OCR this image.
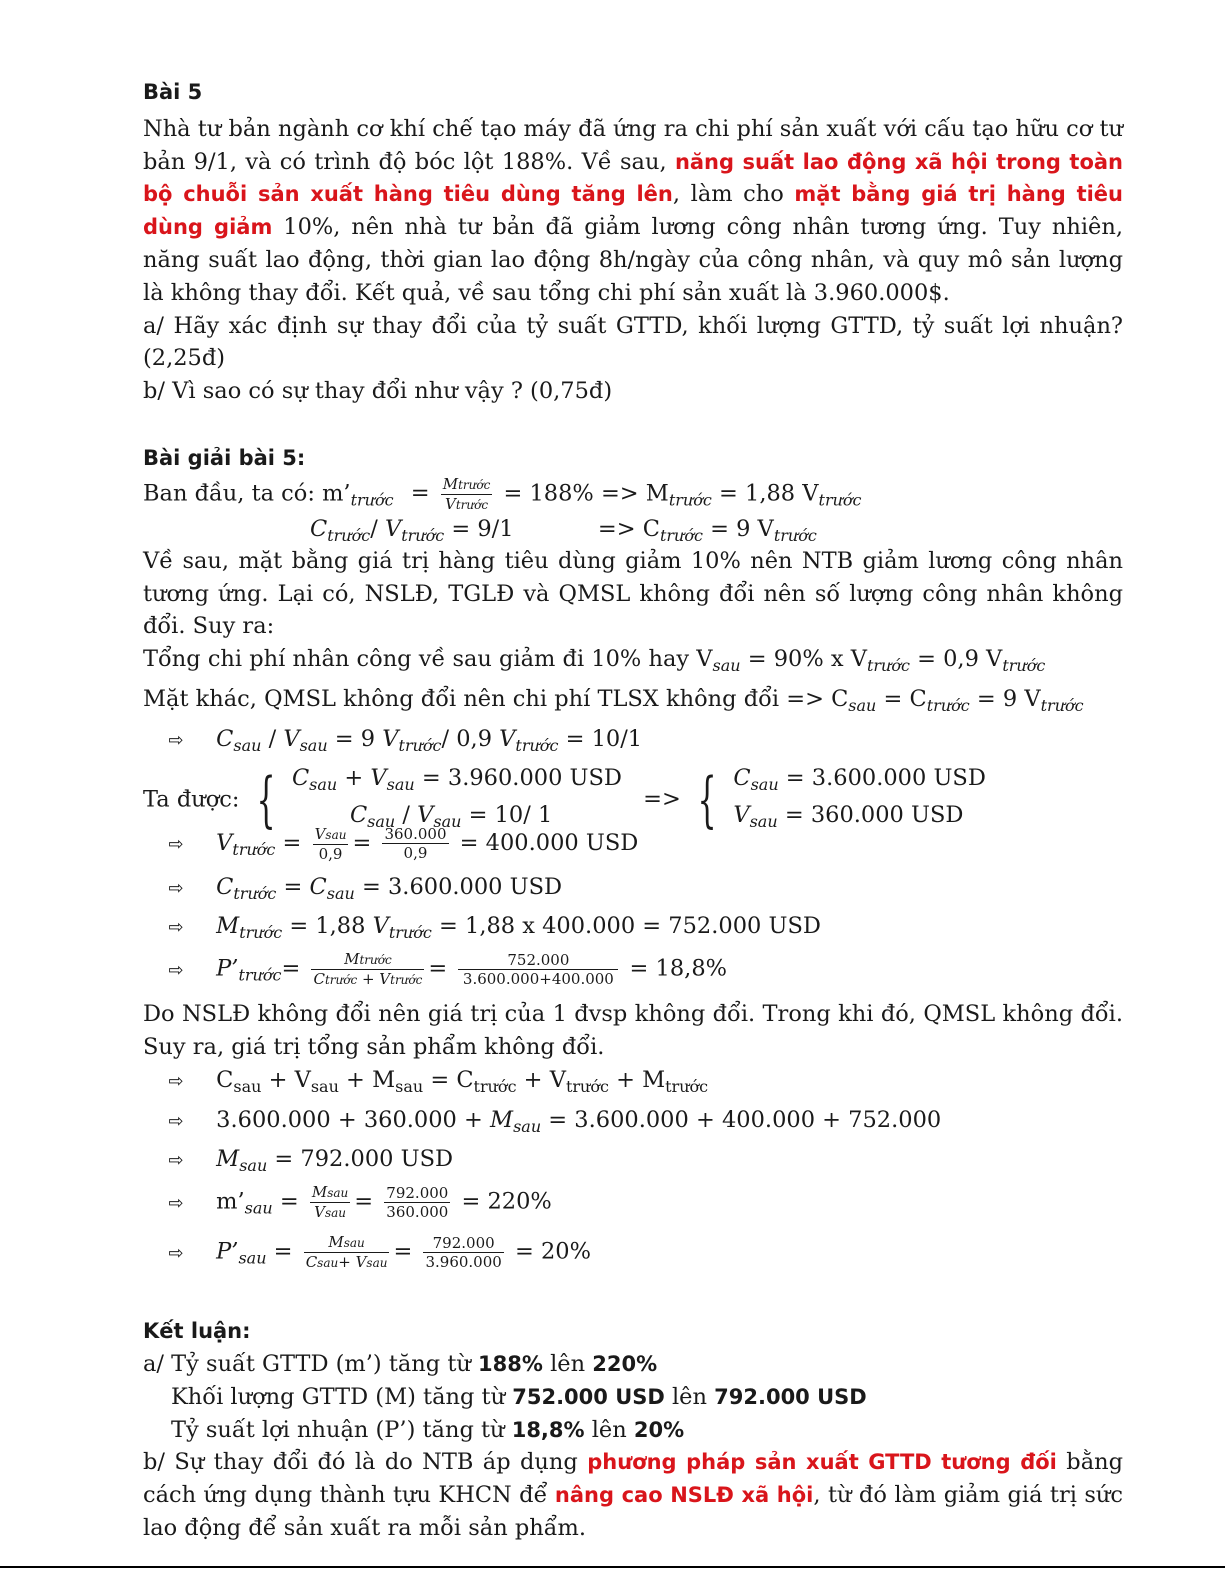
Bài 5
Nhà tư bản ngành cơ khí chế tạo máy đã ứng ra chi phí sản xuất với cấu tạo hữu cơ tư bản 9/1, và có trình độ bóc lột 188%. Về sau, năng suất lao động xã hội trong toàn bộ chuỗi sản xuất hàng tiêu dùng tăng lên, làm cho mặt bằng giá trị hàng tiêu dùng giảm 10%, nên nhà tư bản đã giảm lương công nhân tương ứng. Tuy nhiên, năng suất lao động, thời gian lao động 8h/ngày của công nhân, và quy mô sản lượng là không thay đổi. Kết quả, về sau tổng chi phí sản xuất là 3.960.000$.
a/ Hãy xác định sự thay đổi của tỷ suất GTTD, khối lượng GTTD, tỷ suất lợi nhuận?
(2,25đ)
b/ Vì sao có sự thay đổi như vậy ? (0,75đ)
Bài giải bài 5:
Ban đầu, ta có: $m’_{trước} = \frac{\text{Mtrước}}{\text{Vtrước}} = 188\% => M_{trước} = 1,88$ $V_{trước}$
$C_{trước}/$ $V_{trước} = 9/1$	=> $C_{trước} = 9$ $V_{trước}$
Về sau, mặt bằng giá trị hàng tiêu dùng giảm 10% nên NTB giảm lương công nhân tương ứng. Lại có, NSLĐ, TGLĐ và QMSL không đổi nên số lượng công nhân không đổi. Suy ra:
Tổng chi phí nhân công về sau giảm đi 10% hay $V_{sau} = 90\%$ x $V_{trước} = 0,9$ $V_{trước}$
Mặt khác, QMSL không đổi nên chi phí TLSX không đổi => $C_{sau} = C_{trước} = 9$ $V_{trước}$
⇨ $C_{sau} / V_{sau} = 9$ $V_{trước}/$ 0,9 $V_{trước} = 10/1$
Ta được: { $C_{sau} + V_{sau} = 3.960.000$ USD
$C_{sau} / V_{sau} = 10/$ 1
=> { $C_{sau} = 3.600.000$ USD
$V_{sau} = 360.000$ USD
⇨ $V_{trước} = \frac{\text{Vsau}}{0,9} = \frac{360.000}{0,9} = 400.000$ USD
⇨ $C_{trước} = C_{sau} = 3.600.000$ USD
⇨ $M_{trước} = 1,88$ $V_{trước} = 1,88$ x 400.000 = 752.000 USD
⇨ $P’_{trước}= \frac{\text{Mtrước}}{\text{Ctrước + Vtrước}} = \frac{752.000}{3.600.000+400.000} = 18,8\%$
Do NSLĐ không đổi nên giá trị của 1 đvsp không đổi. Trong khi đó, QMSL không đổi. Suy ra, giá trị tổng sản phẩm không đổi.
⇨ $C_{sau} + V_{sau} + M_{sau} = C_{trước} + V_{trước} + M_{trước}$
⇨ $3.600.000 + 360.000 + M_{sau} = 3.600.000 + 400.000 + 752.000$
⇨ $M_{sau} = 792.000$ USD
⇨ $m’_{sau} = \frac{\text{Msau}}{\text{Vsau}} = \frac{792.000}{360.000} = 220\%$
⇨ $P’_{sau} = \frac{\text{Msau}}{\text{Csau+ Vsau}} = \frac{792.000}{3.960.000} = 20\%$
Kết luận:
a/ Tỷ suất GTTD (m’) tăng từ 188% lên 220%
Khối lượng GTTD (M) tăng từ 752.000 USD lên 792.000 USD
Tỷ suất lợi nhuận (P’) tăng từ 18,8% lên 20%
b/ Sự thay đổi đó là do NTB áp dụng phương pháp sản xuất GTTD tương đối bằng cách ứng dụng thành tựu KHCN để nâng cao NSLĐ xã hội, từ đó làm giảm giá trị sức lao động để sản xuất ra mỗi sản phẩm.
